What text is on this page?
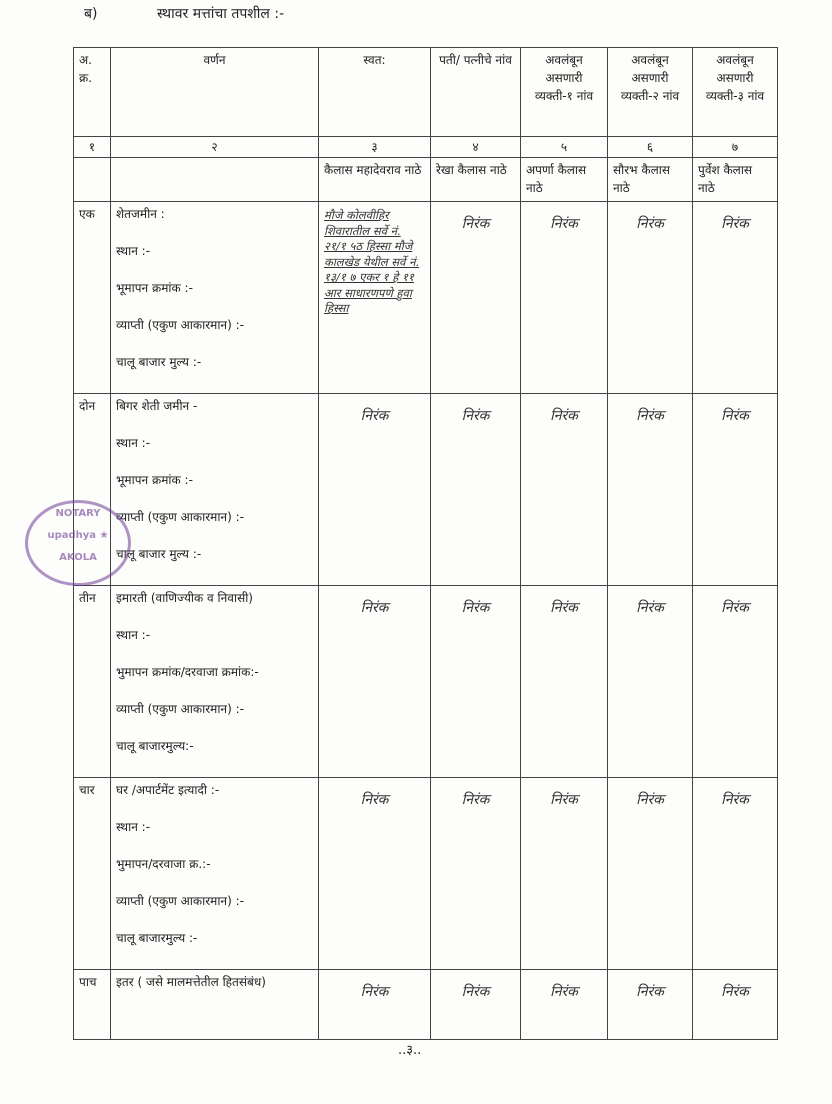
ब)	स्थावर मत्तांचा तपशील :-
अ. क्र.	वर्णन	स्वत:	पती/ पत्नीचे नांव	अवलंबून असणारी व्यक्ती-१ नांव	अवलंबून असणारी व्यक्ती-२ नांव	अवलंबून असणारी व्यक्ती-३ नांव
१	२	३	४	५	६	७
		कैलास महादेवराव नाठे	रेखा कैलास नाठे	अपर्णा कैलास नाठे	सौरभ कैलास नाठे	पुर्वेश कैलास नाठे
एक	शेतजमीन :
स्थान :-
भूमापन क्रमांक :-
व्याप्ती (एकुण आकारमान) :-
चालू बाजार मुल्य :-	मौजे कोलवीहिर शिवारातील सर्वे नं. २१/१ ५ठ हिस्सा मौजे कालखेड येथील सर्वे नं. १३/१ ७ एकर १ हे ११ आर साधारणपणे हुवा हिस्सा	निरंक	निरंक	निरंक	निरंक
दोन	बिगर शेती जमीन -
स्थान :-
भूमापन क्रमांक :-
व्याप्ती (एकुण आकारमान) :-
चालू बाजार मुल्य :-	निरंक	निरंक	निरंक	निरंक	निरंक
तीन	इमारती (वाणिज्यीक व निवासी)
स्थान :-
भुमापन क्रमांक/दरवाजा क्रमांक:-
व्याप्ती (एकुण आकारमान) :-
चालू बाजारमुल्य:-	निरंक	निरंक	निरंक	निरंक	निरंक
चार	घर /अपार्टमेंट इत्यादी :-
स्थान :-
भुमापन/दरवाजा क्र.:-
व्याप्ती (एकुण आकारमान) :-
चालू बाजारमुल्य :-	निरंक	निरंक	निरंक	निरंक	निरंक
पाच	इतर ( जसे मालमत्तेतील हितसंबंध)	निरंक	निरंक	निरंक	निरंक	निरंक
NOTARY
upadhya ★
AKOLA
..३..
